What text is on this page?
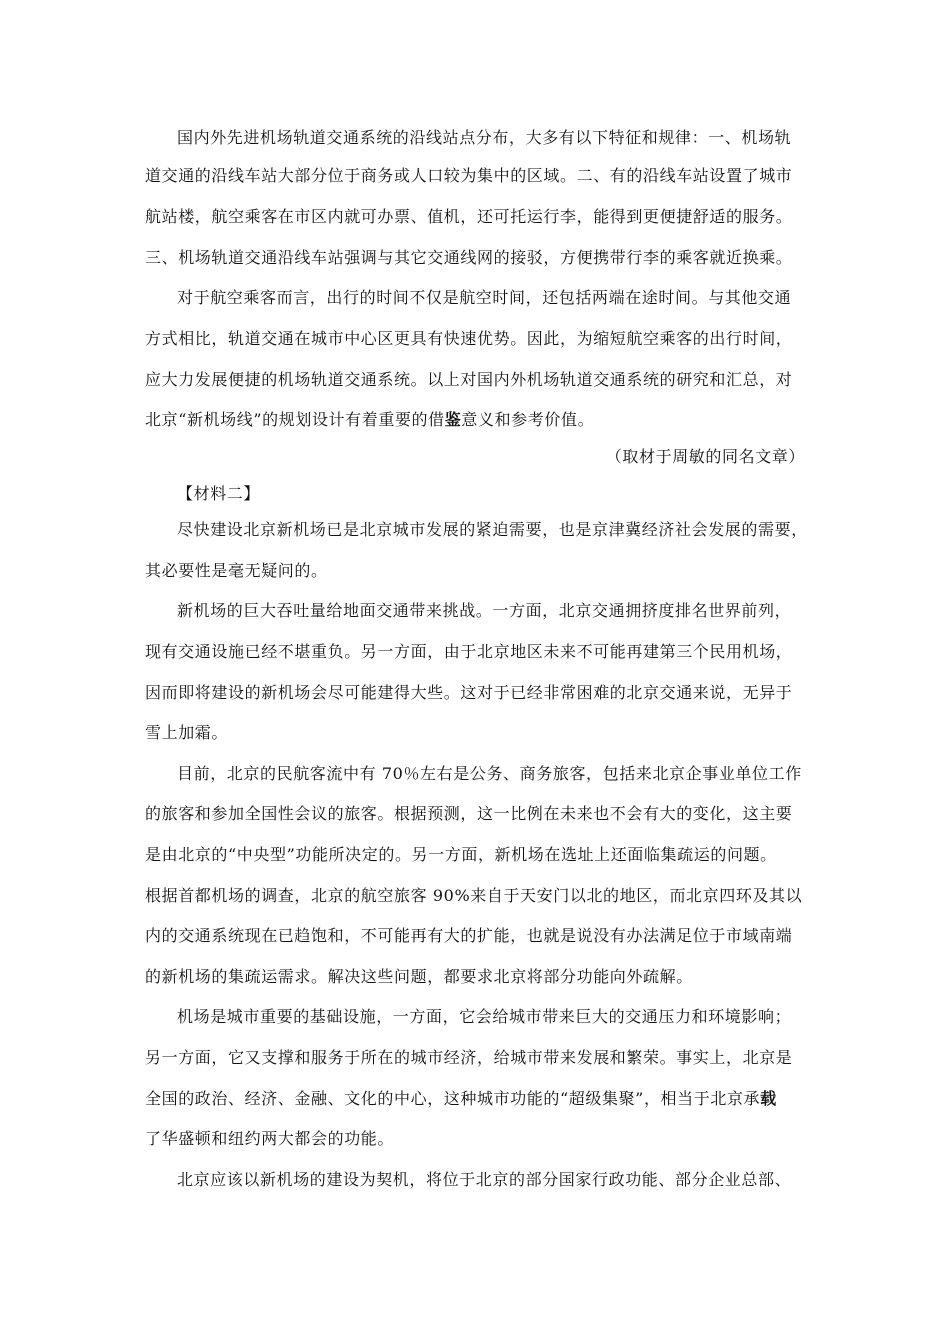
国内外先进机场轨道交通系统的沿线站点分布，大多有以下特征和规律：一、机场轨
道交通的沿线车站大部分位于商务或人口较为集中的区域。二、有的沿线车站设置了城市
航站楼，航空乘客在市区内就可办票、值机，还可托运行李，能得到更便捷舒适的服务。
三、机场轨道交通沿线车站强调与其它交通线网的接驳，方便携带行李的乘客就近换乘。
对于航空乘客而言，出行的时间不仅是航空时间，还包括两端在途时间。与其他交通
方式相比，轨道交通在城市中心区更具有快速优势。因此，为缩短航空乘客的出行时间，
应大力发展便捷的机场轨道交通系统。以上对国内外机场轨道交通系统的研究和汇总，对
北京“新机场线”的规划设计有着重要的借鉴意义和参考价值。
（取材于周敏的同名文章）
【材料二】
尽快建设北京新机场已是北京城市发展的紧迫需要，也是京津冀经济社会发展的需要，
其必要性是毫无疑问的。
新机场的巨大吞吐量给地面交通带来挑战。一方面，北京交通拥挤度排名世界前列，
现有交通设施已经不堪重负。另一方面，由于北京地区未来不可能再建第三个民用机场，
因而即将建设的新机场会尽可能建得大些。这对于已经非常困难的北京交通来说，无异于
雪上加霜。
目前，北京的民航客流中有 70％左右是公务、商务旅客，包括来北京企事业单位工作
的旅客和参加全国性会议的旅客。根据预测，这一比例在未来也不会有大的变化，这主要
是由北京的“中央型”功能所决定的。另一方面，新机场在选址上还面临集疏运的问题。
根据首都机场的调查，北京的航空旅客 90%来自于天安门以北的地区，而北京四环及其以
内的交通系统现在已趋饱和，不可能再有大的扩能，也就是说没有办法满足位于市域南端
的新机场的集疏运需求。解决这些问题，都要求北京将部分功能向外疏解。
机场是城市重要的基础设施，一方面，它会给城市带来巨大的交通压力和环境影响；
另一方面，它又支撑和服务于所在的城市经济，给城市带来发展和繁荣。事实上，北京是
全国的政治、经济、金融、文化的中心，这种城市功能的“超级集聚”，相当于北京承载
了华盛顿和纽约两大都会的功能。
北京应该以新机场的建设为契机，将位于北京的部分国家行政功能、部分企业总部、
